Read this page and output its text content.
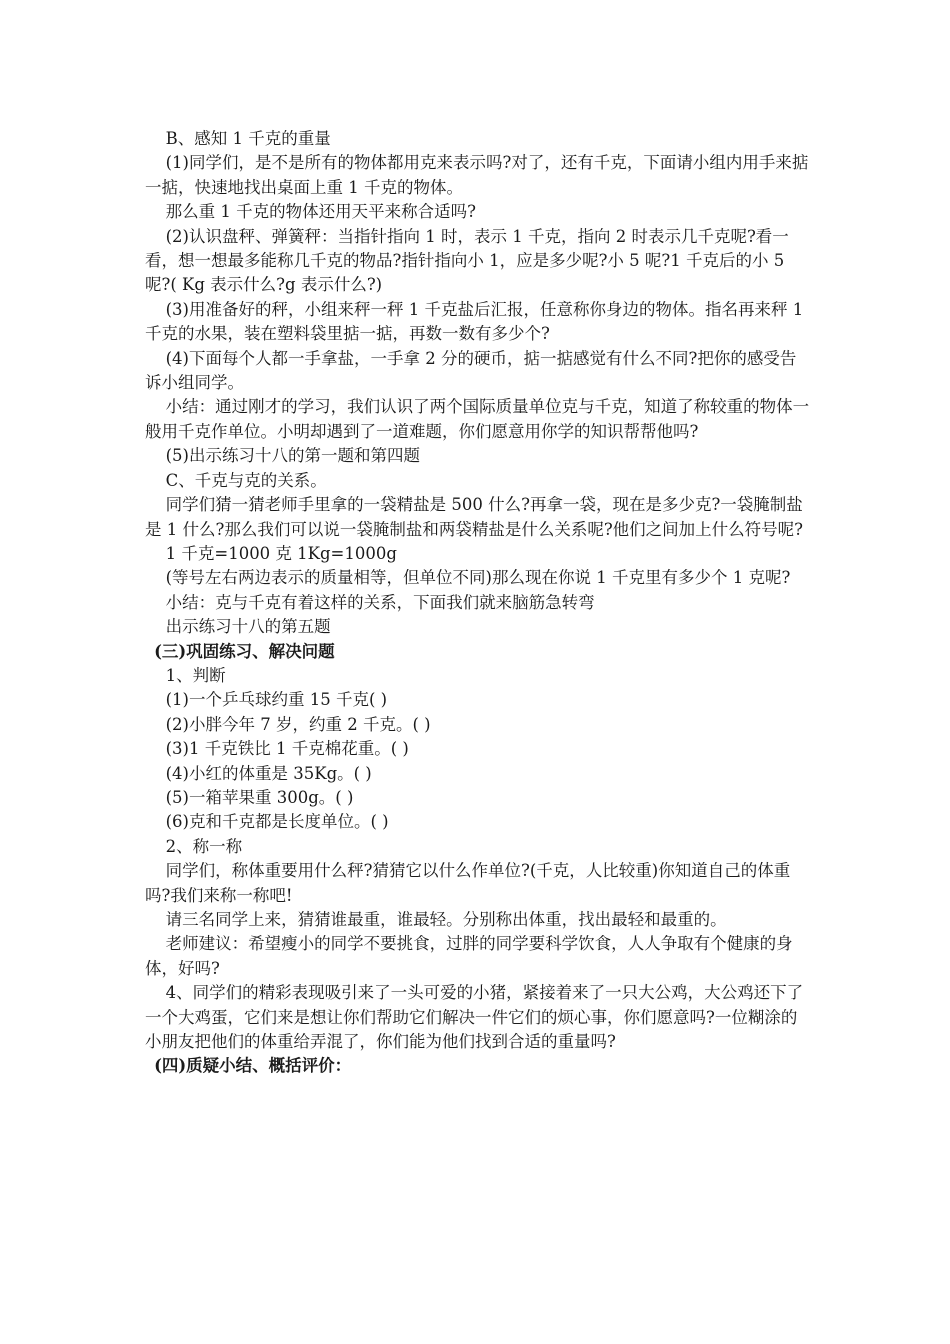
B、感知 1 千克的重量

(1)同学们，是不是所有的物体都用克来表示吗?对了，还有千克，下面请小组内用手来掂一掂，快速地找出桌面上重 1 千克的物体。

那么重 1 千克的物体还用天平来称合适吗?

(2)认识盘秤、弹簧秤：当指针指向 1 时，表示 1 千克，指向 2 时表示几千克呢?看一看，想一想最多能称几千克的物品?指针指向小 1，应是多少呢?小 5 呢?1 千克后的小 5 呢?( Kg 表示什么?g 表示什么?)

(3)用准备好的秤，小组来秤一秤 1 千克盐后汇报，任意称你身边的物体。指名再来秤 1 千克的水果，装在塑料袋里掂一掂，再数一数有多少个?

(4)下面每个人都一手拿盐，一手拿 2 分的硬币，掂一掂感觉有什么不同?把你的感受告诉小组同学。

小结：通过刚才的学习，我们认识了两个国际质量单位克与千克，知道了称较重的物体一般用千克作单位。小明却遇到了一道难题，你们愿意用你学的知识帮帮他吗?

(5)出示练习十八的第一题和第四题

C、千克与克的关系。

同学们猜一猜老师手里拿的一袋精盐是 500 什么?再拿一袋，现在是多少克?一袋腌制盐是 1 什么?那么我们可以说一袋腌制盐和两袋精盐是什么关系呢?他们之间加上什么符号呢?

1 千克=1000 克 1Kg=1000g

(等号左右两边表示的质量相等，但单位不同)那么现在你说 1 千克里有多少个 1 克呢?

小结：克与千克有着这样的关系，下面我们就来脑筋急转弯

出示练习十八的第五题

(三)巩固练习、解决问题

1、判断

(1)一个乒乓球约重 15 千克( )

(2)小胖今年 7 岁，约重 2 千克。( )

(3)1 千克铁比 1 千克棉花重。( )

(4)小红的体重是 35Kg。( )

(5)一箱苹果重 300g。( )

(6)克和千克都是长度单位。( )

2、称一称

同学们，称体重要用什么秤?猜猜它以什么作单位?(千克，人比较重)你知道自己的体重吗?我们来称一称吧!

请三名同学上来，猜猜谁最重，谁最轻。分别称出体重，找出最轻和最重的。

老师建议：希望瘦小的同学不要挑食，过胖的同学要科学饮食，人人争取有个健康的身体，好吗?

4、同学们的精彩表现吸引来了一头可爱的小猪，紧接着来了一只大公鸡，大公鸡还下了一个大鸡蛋，它们来是想让你们帮助它们解决一件它们的烦心事，你们愿意吗?一位糊涂的小朋友把他们的体重给弄混了，你们能为他们找到合适的重量吗?

(四)质疑小结、概括评价：
